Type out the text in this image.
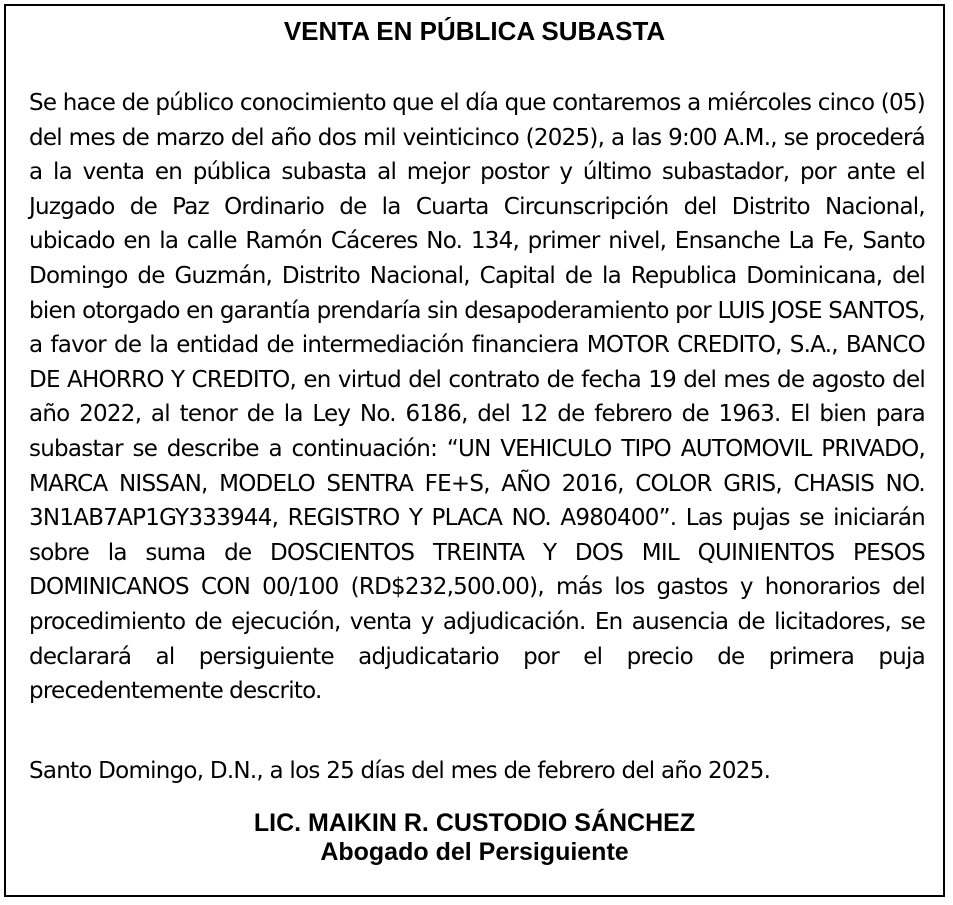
VENTA EN PÚBLICA SUBASTA
Se hace de público conocimiento que el día que contaremos a miércoles cinco (05) del mes de marzo del año dos mil veinticinco (2025), a las 9:00 A.M., se procederá a la venta en pública subasta al mejor postor y último subastador, por ante el Juzgado de Paz Ordinario de la Cuarta Circunscripción del Distrito Nacional, ubicado en la calle Ramón Cáceres No. 134, primer nivel, Ensanche La Fe, Santo Domingo de Guzmán, Distrito Nacional, Capital de la Republica Dominicana, del bien otorgado en garantía prendaría sin desapoderamiento por LUIS JOSE SANTOS, a favor de la entidad de intermediación financiera MOTOR CREDITO, S.A., BANCO DE AHORRO Y CREDITO, en virtud del contrato de fecha 19 del mes de agosto del año 2022, al tenor de la Ley No. 6186, del 12 de febrero de 1963. El bien para subastar se describe a continuación: “UN VEHICULO TIPO AUTOMOVIL PRIVADO, MARCA NISSAN, MODELO SENTRA FE+S, AÑO 2016, COLOR GRIS, CHASIS NO. 3N1AB7AP1GY333944, REGISTRO Y PLACA NO. A980400”. Las pujas se iniciarán sobre la suma de DOSCIENTOS TREINTA Y DOS MIL QUINIENTOS PESOS DOMINICANOS CON 00/100 (RD$232,500.00), más los gastos y honorarios del procedimiento de ejecución, venta y adjudicación. En ausencia de licitadores, se declarará al persiguiente adjudicatario por el precio de primera puja precedentemente descrito.
Santo Domingo, D.N., a los 25 días del mes de febrero del año 2025.
LIC. MAIKIN R. CUSTODIO SÁNCHEZ
Abogado del Persiguiente
